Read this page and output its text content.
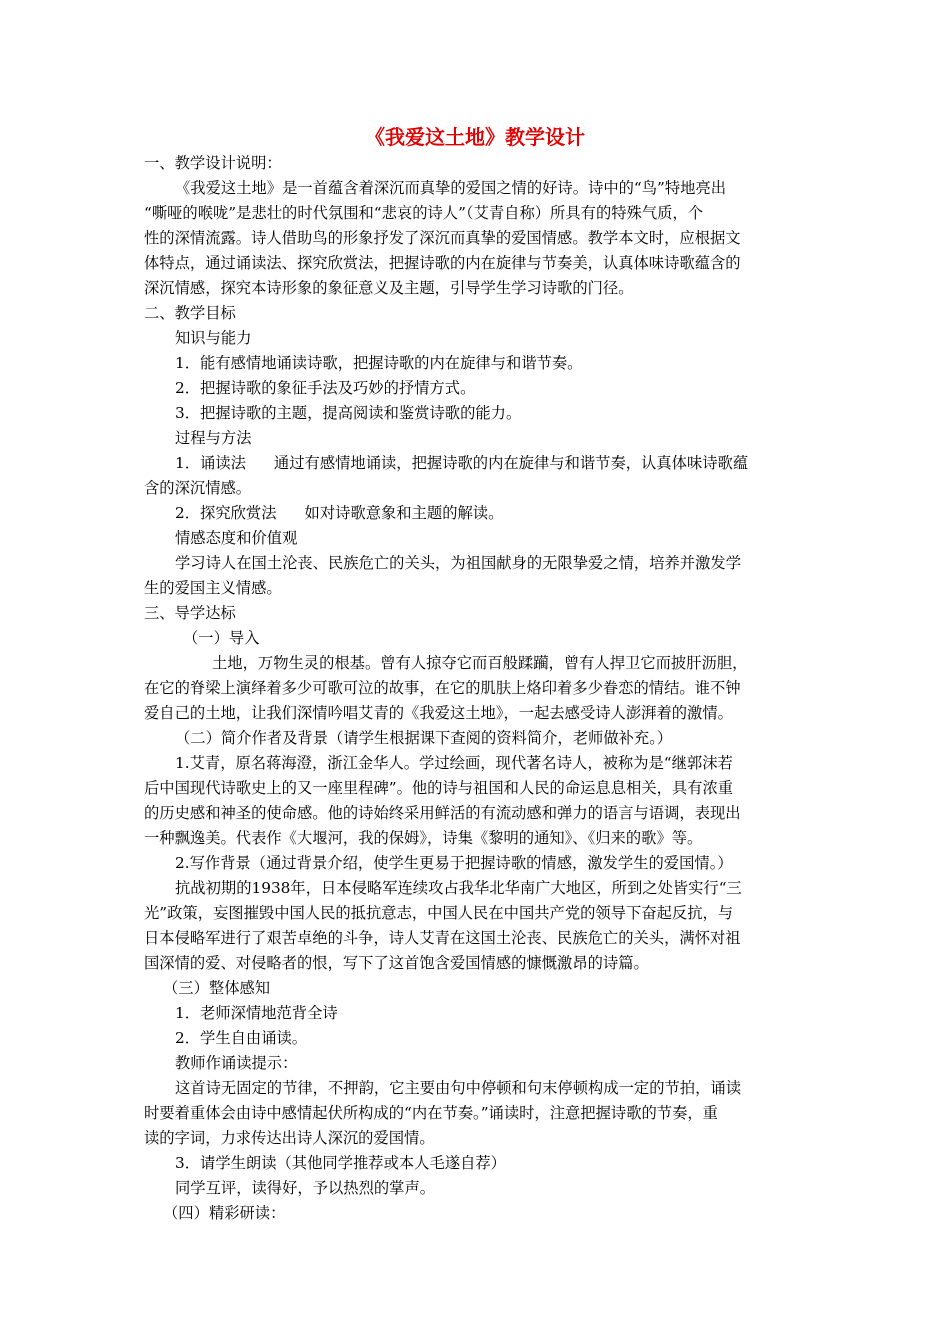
《我爱这土地》教学设计

一、教学设计说明：

《我爱这土地》是一首蕴含着深沉而真挚的爱国之情的好诗。诗中的“鸟”特地亮出

“嘶哑的喉咙”是悲壮的时代氛围和“悲哀的诗人”（艾青自称）所具有的特殊气质，个

性的深情流露。诗人借助鸟的形象抒发了深沉而真挚的爱国情感。教学本文时，应根据文

体特点，通过诵读法、探究欣赏法，把握诗歌的内在旋律与节奏美，认真体味诗歌蕴含的

深沉情感，探究本诗形象的象征意义及主题，引导学生学习诗歌的门径。

二、教学目标

知识与能力

1．能有感情地诵读诗歌，把握诗歌的内在旋律与和谐节奏。

2．把握诗歌的象征手法及巧妙的抒情方式。

3．把握诗歌的主题，提高阅读和鉴赏诗歌的能力。

过程与方法

1．诵读法 通过有感情地诵读，把握诗歌的内在旋律与和谐节奏，认真体味诗歌蕴

含的深沉情感。

2．探究欣赏法 如对诗歌意象和主题的解读。

情感态度和价值观

学习诗人在国土沦丧、民族危亡的关头，为祖国献身的无限挚爱之情，培养并激发学

生的爱国主义情感。

三、导学达标

（一）导入

土地，万物生灵的根基。曾有人掠夺它而百般蹂躏，曾有人捍卫它而披肝沥胆，

在它的脊梁上演绎着多少可歌可泣的故事，在它的肌肤上烙印着多少眷恋的情结。谁不钟

爱自己的土地，让我们深情吟唱艾青的《我爱这土地》，一起去感受诗人澎湃着的激情。

（二）简介作者及背景（请学生根据课下查阅的资料简介，老师做补充。）

1.艾青，原名蒋海澄，浙江金华人。学过绘画，现代著名诗人，被称为是“继郭沫若

后中国现代诗歌史上的又一座里程碑”。他的诗与祖国和人民的命运息息相关，具有浓重

的历史感和神圣的使命感。他的诗始终采用鲜活的有流动感和弹力的语言与语调，表现出

一种飘逸美。代表作《大堰河，我的保姆》，诗集《黎明的通知》、《归来的歌》等。

2.写作背景（通过背景介绍，使学生更易于把握诗歌的情感，激发学生的爱国情。）

抗战初期的1938年，日本侵略军连续攻占我华北华南广大地区，所到之处皆实行“三

光”政策，妄图摧毁中国人民的抵抗意志，中国人民在中国共产党的领导下奋起反抗，与

日本侵略军进行了艰苦卓绝的斗争，诗人艾青在这国土沦丧、民族危亡的关头，满怀对祖

国深情的爱、对侵略者的恨，写下了这首饱含爱国情感的慷慨激昂的诗篇。

（三）整体感知

1．老师深情地范背全诗

2．学生自由诵读。

教师作诵读提示：

这首诗无固定的节律，不押韵，它主要由句中停顿和句末停顿构成一定的节拍，诵读

时要着重体会由诗中感情起伏所构成的“内在节奏。”诵读时，注意把握诗歌的节奏，重

读的字词，力求传达出诗人深沉的爱国情。

3．请学生朗读（其他同学推荐或本人毛遂自荐）

同学互评，读得好，予以热烈的掌声。

（四）精彩研读：
